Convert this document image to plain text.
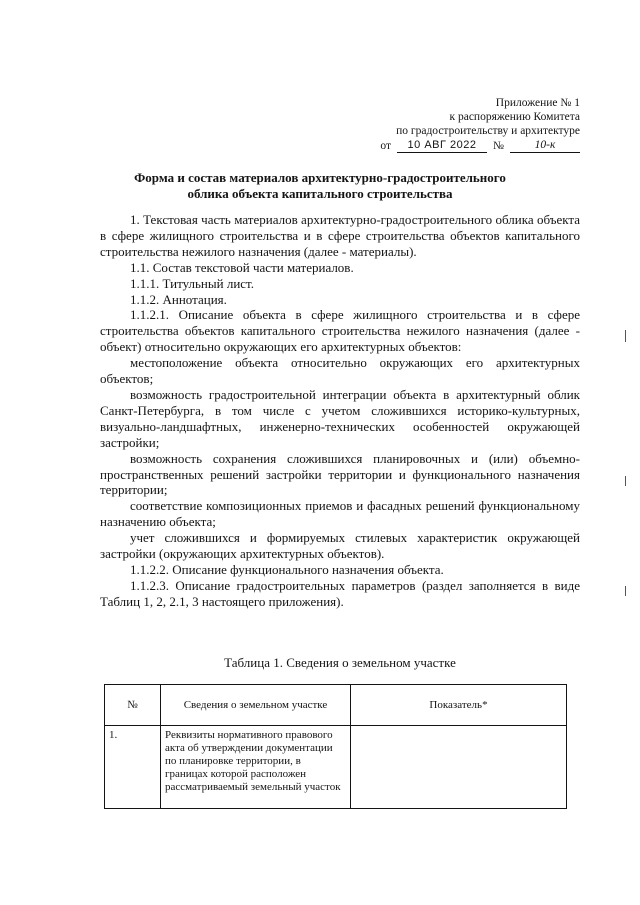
Приложение № 1
к распоряжению Комитета
по градостроительству и архитектуре
от	10 АВГ 2022	№	10-к
Форма и состав материалов архитектурно-градостроительного
облика объекта капитального строительства

1. Текстовая часть материалов архитектурно-градостроительного облика объекта в сфере жилищного строительства и в сфере строительства объектов капитального строительства нежилого назначения (далее - материалы).

1.1. Состав текстовой части материалов.

1.1.1. Титульный лист.

1.1.2. Аннотация.

1.1.2.1. Описание объекта в сфере жилищного строительства и в сфере строительства объектов капитального строительства нежилого назначения (далее - объект) относительно окружающих его архитектурных объектов:

местоположение объекта относительно окружающих его архитектурных объектов;

возможность градостроительной интеграции объекта в архитектурный облик Санкт-Петербурга, в том числе с учетом сложившихся историко-культурных, визуально-ландшафтных, инженерно-технических особенностей окружающей застройки;

возможность сохранения сложившихся планировочных и (или) объемно-пространственных решений застройки территории и функционального назначения территории;

соответствие композиционных приемов и фасадных решений функциональному назначению объекта;

учет сложившихся и формируемых стилевых характеристик окружающей застройки (окружающих архитектурных объектов).

1.1.2.2. Описание функционального назначения объекта.

1.1.2.3. Описание градостроительных параметров (раздел заполняется в виде Таблиц 1, 2, 2.1, 3 настоящего приложения).

Таблица 1. Сведения о земельном участке
№	Сведения о земельном участке	Показатель*
1.	Реквизиты нормативного правового акта об утверждении документации по планировке территории, в границах которой расположен рассматриваемый земельный участок	
